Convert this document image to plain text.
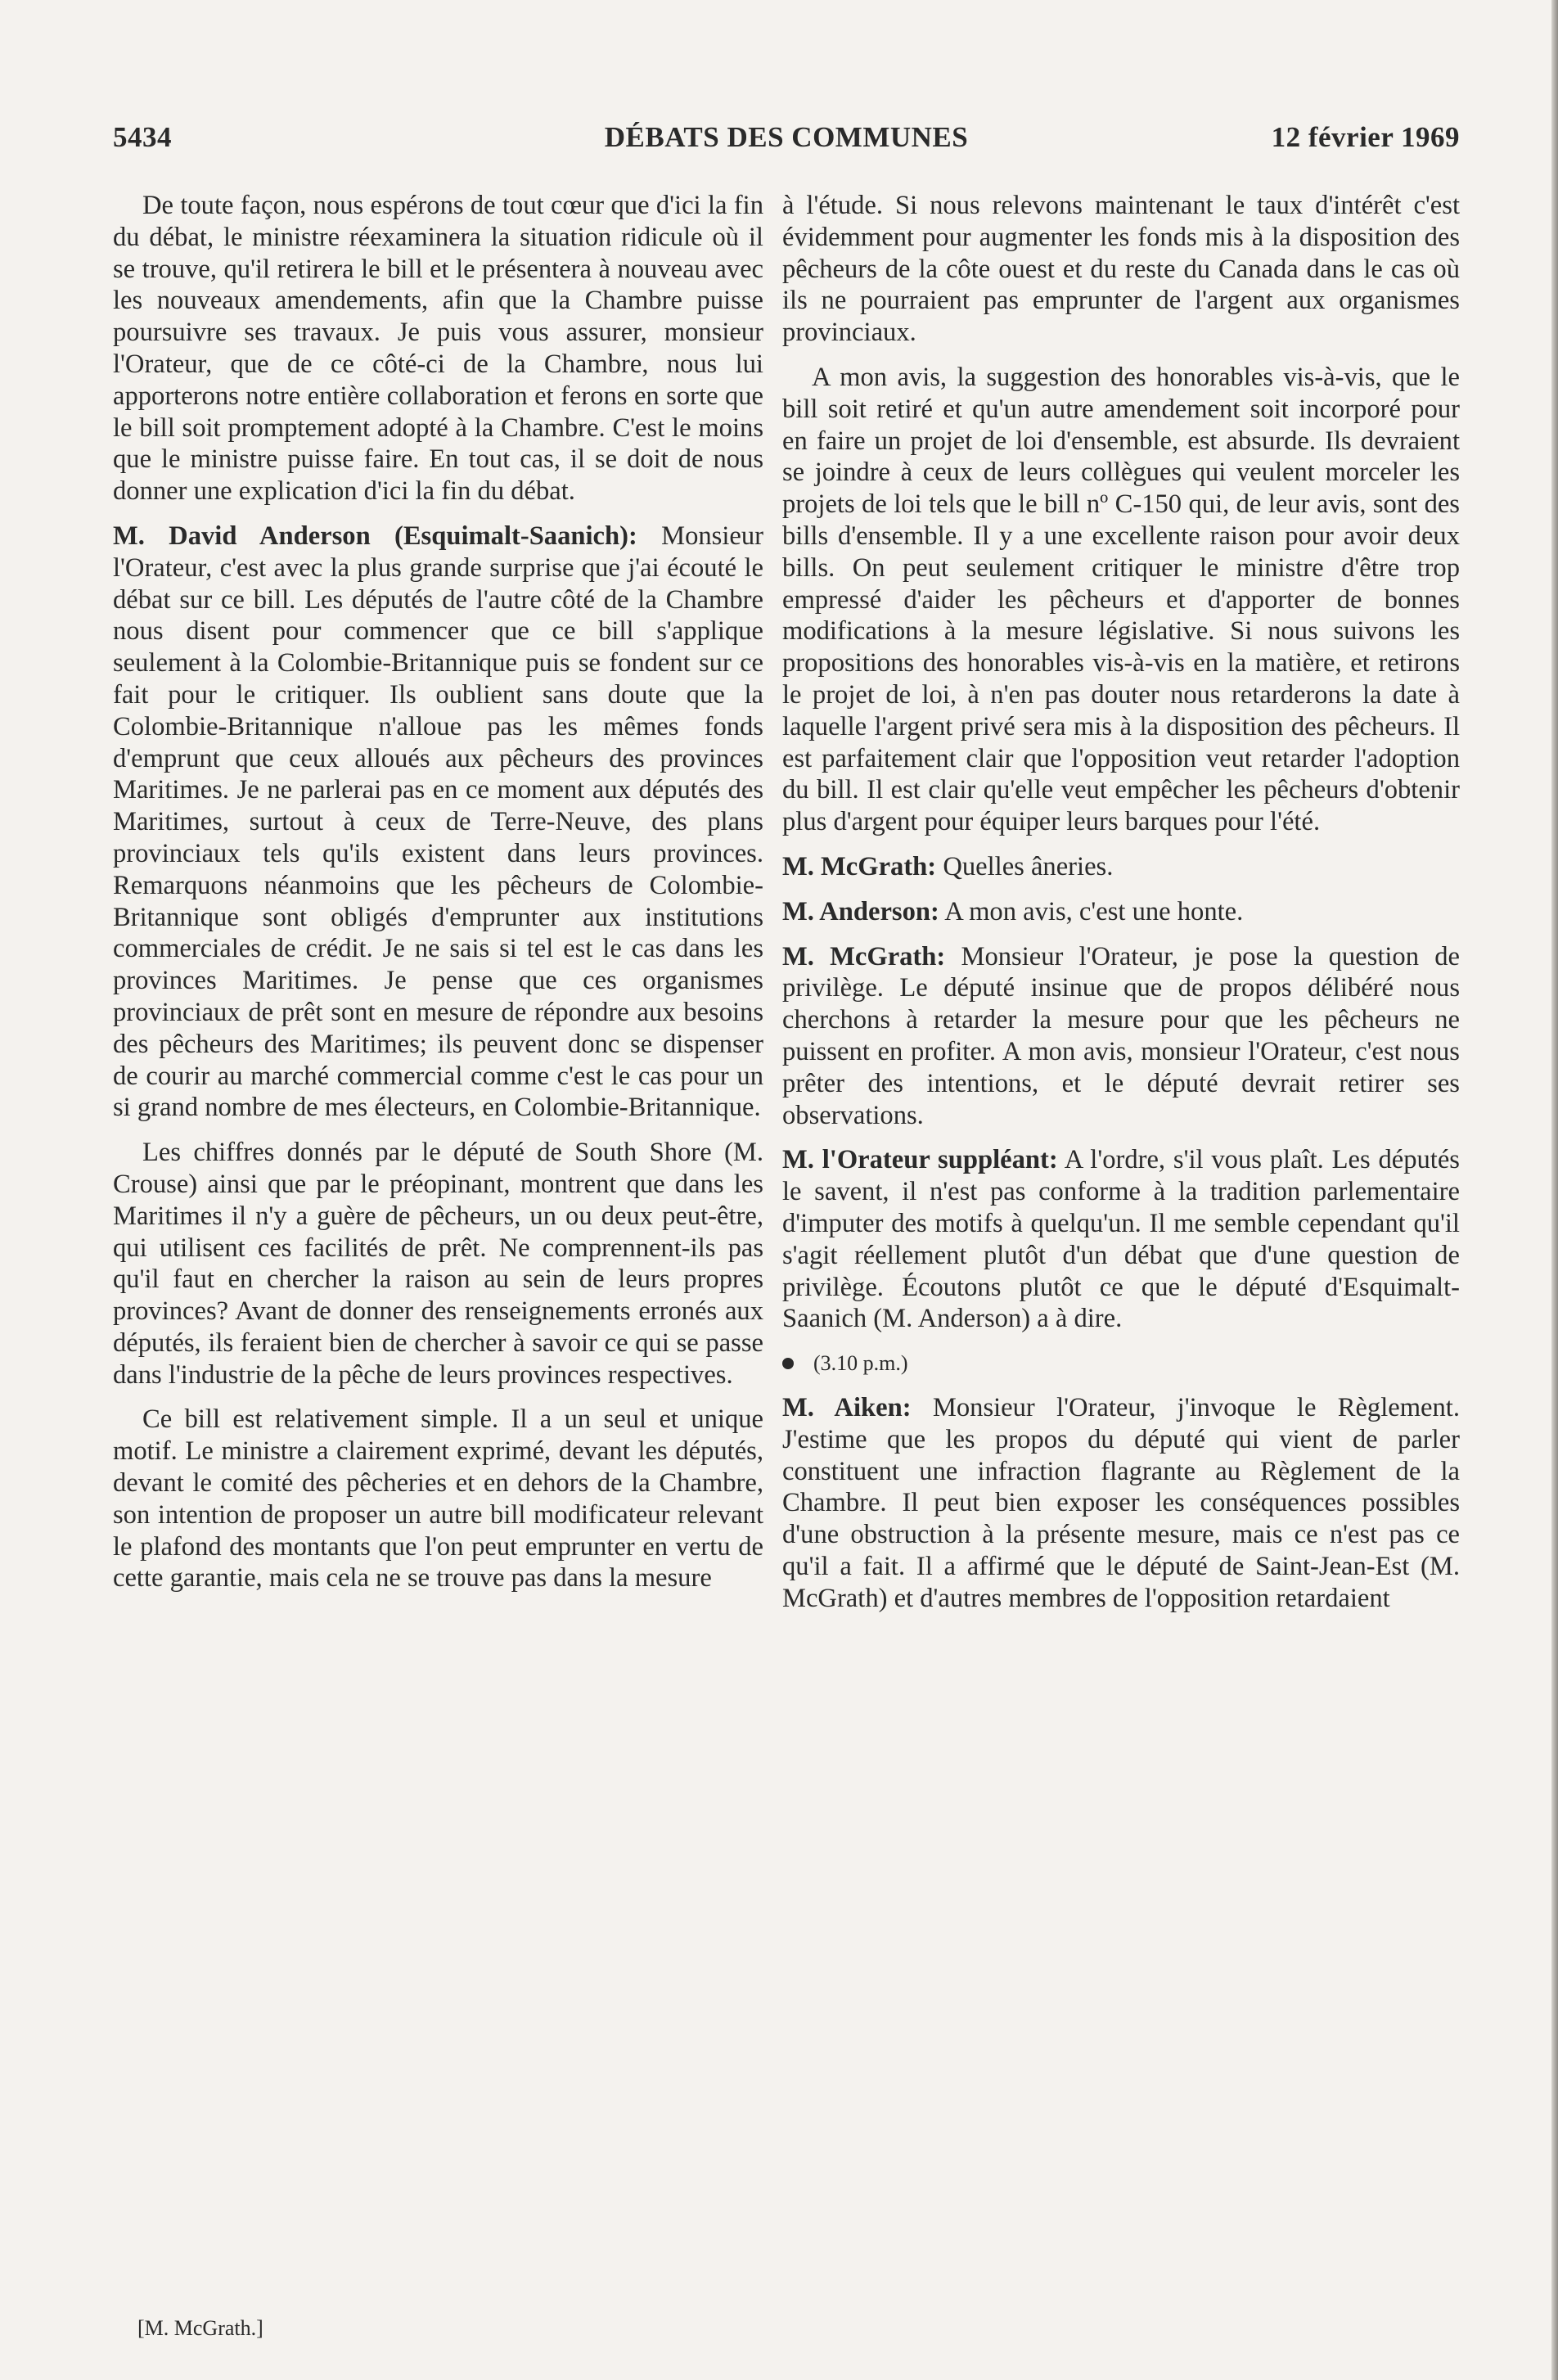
5434	DÉBATS DES COMMUNES	12 février 1969

De toute façon, nous espérons de tout cœur que d'ici la fin du débat, le ministre réexaminera la situation ridicule où il se trouve, qu'il retirera le bill et le présentera à nouveau avec les nouveaux amendements, afin que la Chambre puisse poursuivre ses travaux. Je puis vous assurer, monsieur l'Orateur, que de ce côté-ci de la Chambre, nous lui apporterons notre entière collaboration et ferons en sorte que le bill soit promptement adopté à la Chambre. C'est le moins que le ministre puisse faire. En tout cas, il se doit de nous donner une explication d'ici la fin du débat.

M. David Anderson (Esquimalt-Saanich): Monsieur l'Orateur, c'est avec la plus grande surprise que j'ai écouté le débat sur ce bill. Les députés de l'autre côté de la Chambre nous disent pour commencer que ce bill s'applique seulement à la Colombie-Britannique puis se fondent sur ce fait pour le critiquer. Ils oublient sans doute que la Colombie-Britannique n'alloue pas les mêmes fonds d'emprunt que ceux alloués aux pêcheurs des provinces Maritimes. Je ne parlerai pas en ce moment aux députés des Maritimes, surtout à ceux de Terre-Neuve, des plans provinciaux tels qu'ils existent dans leurs provinces. Remarquons néanmoins que les pêcheurs de Colombie-Britannique sont obligés d'emprunter aux institutions commerciales de crédit. Je ne sais si tel est le cas dans les provinces Maritimes. Je pense que ces organismes provinciaux de prêt sont en mesure de répondre aux besoins des pêcheurs des Maritimes; ils peuvent donc se dispenser de courir au marché commercial comme c'est le cas pour un si grand nombre de mes électeurs, en Colombie-Britannique.

Les chiffres donnés par le député de South Shore (M. Crouse) ainsi que par le préopinant, montrent que dans les Maritimes il n'y a guère de pêcheurs, un ou deux peut-être, qui utilisent ces facilités de prêt. Ne comprennent-ils pas qu'il faut en chercher la raison au sein de leurs propres provinces? Avant de donner des renseignements erronés aux députés, ils feraient bien de chercher à savoir ce qui se passe dans l'industrie de la pêche de leurs provinces respectives.

Ce bill est relativement simple. Il a un seul et unique motif. Le ministre a clairement exprimé, devant les députés, devant le comité des pêcheries et en dehors de la Chambre, son intention de proposer un autre bill modificateur relevant le plafond des montants que l'on peut emprunter en vertu de cette garantie, mais cela ne se trouve pas dans la mesure

[M. McGrath.]

à l'étude. Si nous relevons maintenant le taux d'intérêt c'est évidemment pour augmenter les fonds mis à la disposition des pêcheurs de la côte ouest et du reste du Canada dans le cas où ils ne pourraient pas emprunter de l'argent aux organismes provinciaux.

A mon avis, la suggestion des honorables vis-à-vis, que le bill soit retiré et qu'un autre amendement soit incorporé pour en faire un projet de loi d'ensemble, est absurde. Ils devraient se joindre à ceux de leurs collègues qui veulent morceler les projets de loi tels que le bill nº C-150 qui, de leur avis, sont des bills d'ensemble. Il y a une excellente raison pour avoir deux bills. On peut seulement critiquer le ministre d'être trop empressé d'aider les pêcheurs et d'apporter de bonnes modifications à la mesure législative. Si nous suivons les propositions des honorables vis-à-vis en la matière, et retirons le projet de loi, à n'en pas douter nous retarderons la date à laquelle l'argent privé sera mis à la disposition des pêcheurs. Il est parfaitement clair que l'opposition veut retarder l'adoption du bill. Il est clair qu'elle veut empêcher les pêcheurs d'obtenir plus d'argent pour équiper leurs barques pour l'été.

M. McGrath: Quelles âneries.

M. Anderson: A mon avis, c'est une honte.

M. McGrath: Monsieur l'Orateur, je pose la question de privilège. Le député insinue que de propos délibéré nous cherchons à retarder la mesure pour que les pêcheurs ne puissent en profiter. A mon avis, monsieur l'Orateur, c'est nous prêter des intentions, et le député devrait retirer ses observations.

M. l'Orateur suppléant: A l'ordre, s'il vous plaît. Les députés le savent, il n'est pas conforme à la tradition parlementaire d'imputer des motifs à quelqu'un. Il me semble cependant qu'il s'agit réellement plutôt d'un débat que d'une question de privilège. Écoutons plutôt ce que le député d'Esquimalt-Saanich (M. Anderson) a à dire.

(3.10 p.m.)

M. Aiken: Monsieur l'Orateur, j'invoque le Règlement. J'estime que les propos du député qui vient de parler constituent une infraction flagrante au Règlement de la Chambre. Il peut bien exposer les conséquences possibles d'une obstruction à la présente mesure, mais ce n'est pas ce qu'il a fait. Il a affirmé que le député de Saint-Jean-Est (M. McGrath) et d'autres membres de l'opposition retardaient
